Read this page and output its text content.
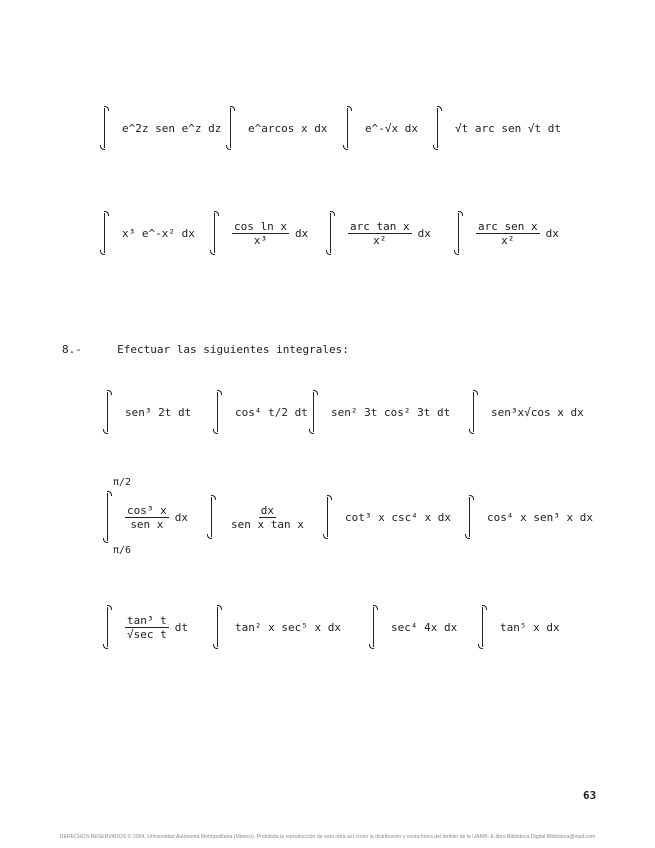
e^2z sen e^z dz e^arcos x dx	e^-√x dx	√t arc sen √t dt
x³ e^-x² dx	$\frac{\text{cos ln x}}{\text{x³}}$ dx	$\frac{\text{arc tan x}}{\text{x²}}$ dx	$\frac{\text{arc sen x}}{\text{x²}}$ dx
8.-	Efectuar las siguientes integrales:
sen³ 2t dt	cos⁴ t/2 dt sen² 3t cos² 3t dt	sen³x√cos x dx
$\frac{\text{cos³ x}}{\text{sen x}}$ dx
π/2
π/6
$\frac{dx}{\text{sen x tan x}}$	cot³ x csc⁴ x dx	cos⁴ x sen³ x dx
$\frac{\text{tan³ t}}{\text{√sec t}}$ dt	tan² x sec⁵ x dx	sec⁴ 4x dx	tan⁵ x dx
63
DERECHOS RESERVADOS © 2004, Universidad Autónoma Metropolitana (México). Prohibida la reproducción de esta obra así como la distribución y venta fuera del ámbito de la UAM®. E-libro Biblioteca Digital Biblioteca@mail.com
